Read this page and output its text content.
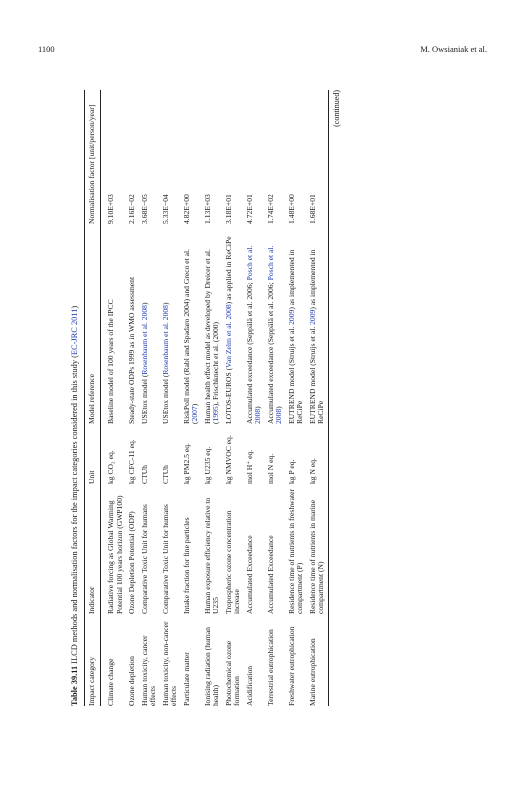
1100	M. Owsianiak et al.
Table 39.11 ILCD methods and normalisation factors for the impact categories considered in this study (EC-JRC 2011)
Impact category	Indicator	Unit	Model reference	Normalisation factor [unit/person/year]
Climate change	Radiative forcing as Global Warming Potential 100 years horizon (GWP100)	kg CO₂ eq.	Baseline model of 100 years of the IPCC	9.10E+03
Ozone depletion	Ozone Depletion Potential (ODP)	kg CFC-11 eq.	Steady-state ODPs 1999 as in WMO assessment	2.16E−02
Human toxicity, cancer effects	Comparative Toxic Unit for humans	CTUh	USEtox model (Rosenbaum et al. 2008)	3.68E−05
Human toxicity, non-cancer effects	Comparative Toxic Unit for humans	CTUh	USEtox model (Rosenbaum et al. 2008)	5.33E−04
Particulate matter	Intake fraction for fine particles	kg PM2.5 eq.	RiskPoll model (Rabl and Spadaro 2004) and Greco et al. (2007)	4.82E+00
Ionising radiation (human health)	Human exposure efficiency relative to U235	kg U235 eq.	Human health effect model as developed by Dreicer et al. (1995), Frischknecht et al. (2000)	1.13E+03
Photochemical ozone formation	Tropospheric ozone concentration increase	kg NMVOC eq.	LOTOS-EUROS (Van Zelm et al. 2008) as applied in ReCiPe	3.18E+01
Acidification	Accumulated Exceedance	mol H⁺ eq.	Accumulated exceedance (Seppälä et al. 2006; Posch et al. 2008)	4.72E+01
Terrestrial eutrophication	Accumulated Exceedance	mol N eq.	Accumulated exceedance (Seppälä et al. 2006; Posch et al. 2008)	1.74E+02
Freshwater eutrophication	Residence time of nutrients in freshwater compartment (P)	kg P eq.	EUTREND model (Struijs et al. 2009) as implemented in ReCiPe	1.48E+00
Marine eutrophication	Residence time of nutrients in marine compartment (N)	kg N eq.	EUTREND model (Struijs et al. 2009) as implemented in ReCiPe	1.68E+01
(continued)
